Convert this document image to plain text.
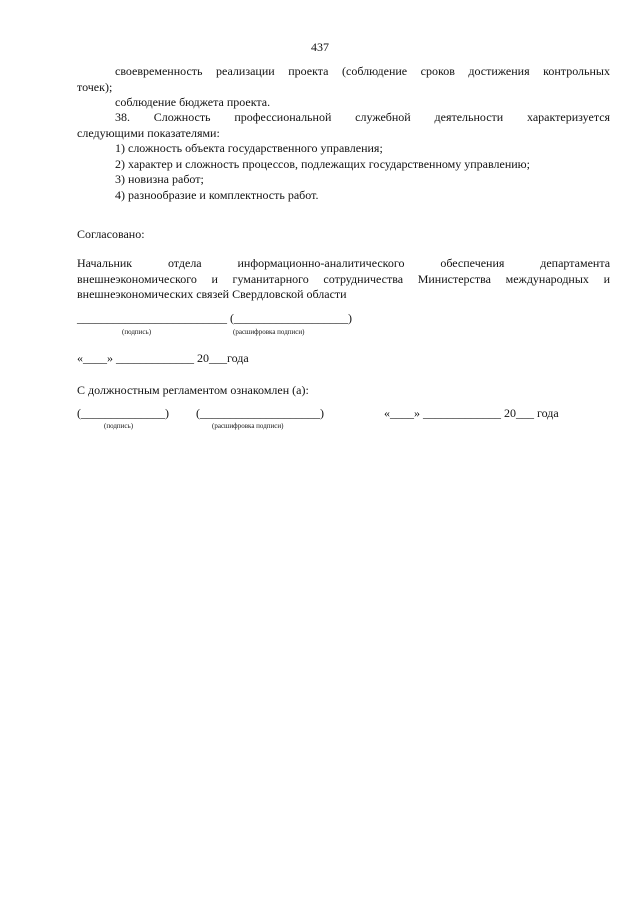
437
своевременность реализации проекта (соблюдение сроков достижения контрольных
точек);
соблюдение бюджета проекта.
38. Сложность профессиональной служебной деятельности характеризуется
следующими показателями:
1) сложность объекта государственного управления;
2) характер и сложность процессов, подлежащих государственному управлению;
3) новизна работ;
4) разнообразие и комплектность работ.
Согласовано:
Начальник	отдела	информационно-аналитического	обеспечения	департамента
внешнеэкономического и гуманитарного сотрудничества Министерства международных и
внешнеэкономических связей Свердловской области
_________________________ (___________________)
(подпись)	(расшифровка подписи)
«____» _____________ 20___года
С должностным регламентом ознакомлен (а):
(______________) (____________________)	«____» _____________ 20___ года
(подпись)	(расшифровка подписи)
